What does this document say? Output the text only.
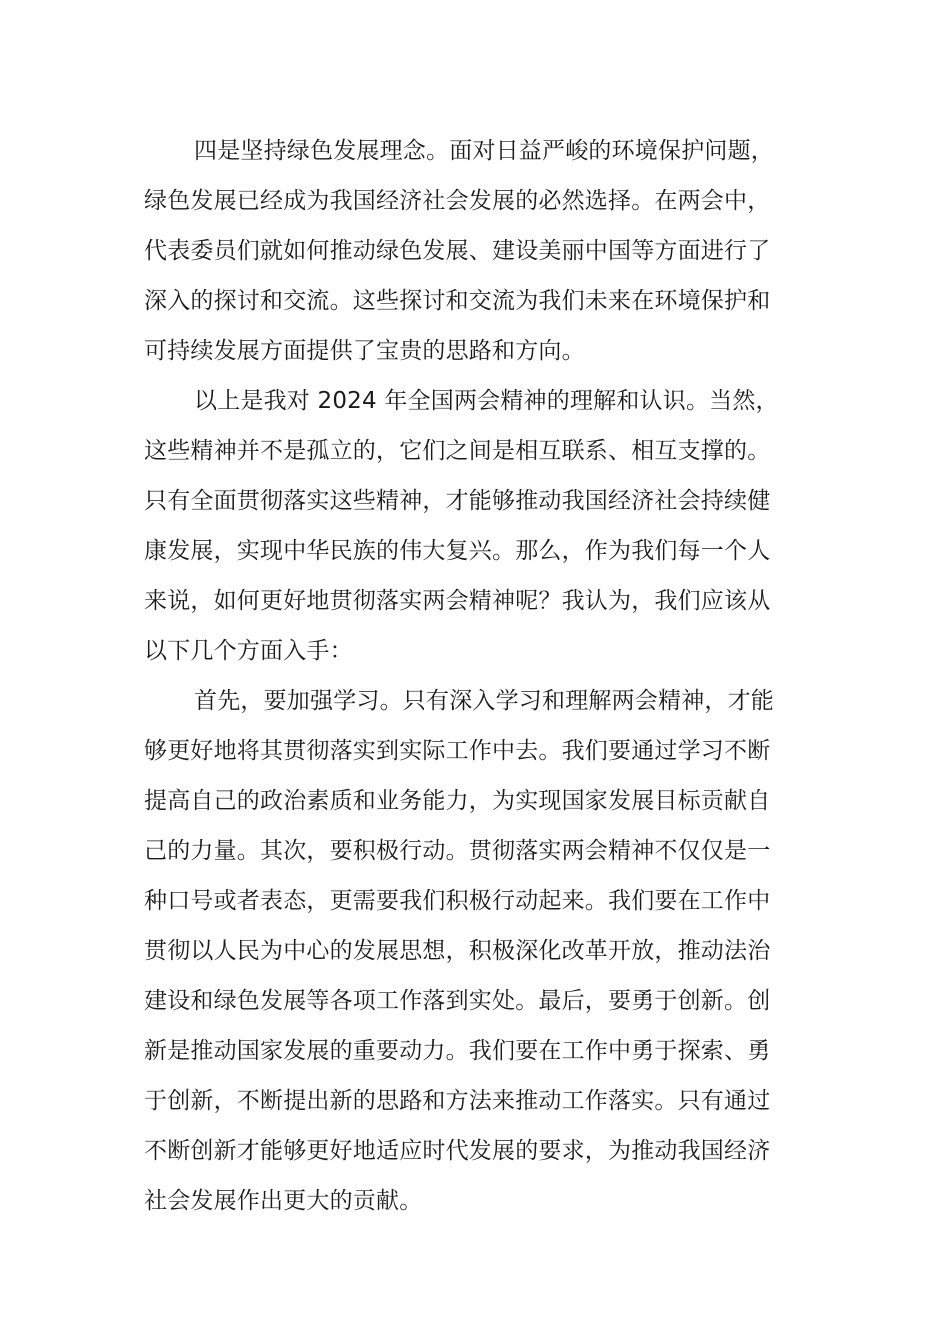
四是坚持绿色发展理念。面对日益严峻的环境保护问题，
绿色发展已经成为我国经济社会发展的必然选择。在两会中，
代表委员们就如何推动绿色发展、建设美丽中国等方面进行了
深入的探讨和交流。这些探讨和交流为我们未来在环境保护和
可持续发展方面提供了宝贵的思路和方向。
以上是我对 2024 年全国两会精神的理解和认识。当然，
这些精神并不是孤立的，它们之间是相互联系、相互支撑的。
只有全面贯彻落实这些精神，才能够推动我国经济社会持续健
康发展，实现中华民族的伟大复兴。那么，作为我们每一个人
来说，如何更好地贯彻落实两会精神呢？我认为，我们应该从
以下几个方面入手：
首先，要加强学习。只有深入学习和理解两会精神，才能
够更好地将其贯彻落实到实际工作中去。我们要通过学习不断
提高自己的政治素质和业务能力，为实现国家发展目标贡献自
己的力量。其次，要积极行动。贯彻落实两会精神不仅仅是一
种口号或者表态，更需要我们积极行动起来。我们要在工作中
贯彻以人民为中心的发展思想，积极深化改革开放，推动法治
建设和绿色发展等各项工作落到实处。最后，要勇于创新。创
新是推动国家发展的重要动力。我们要在工作中勇于探索、勇
于创新，不断提出新的思路和方法来推动工作落实。只有通过
不断创新才能够更好地适应时代发展的要求，为推动我国经济
社会发展作出更大的贡献。
